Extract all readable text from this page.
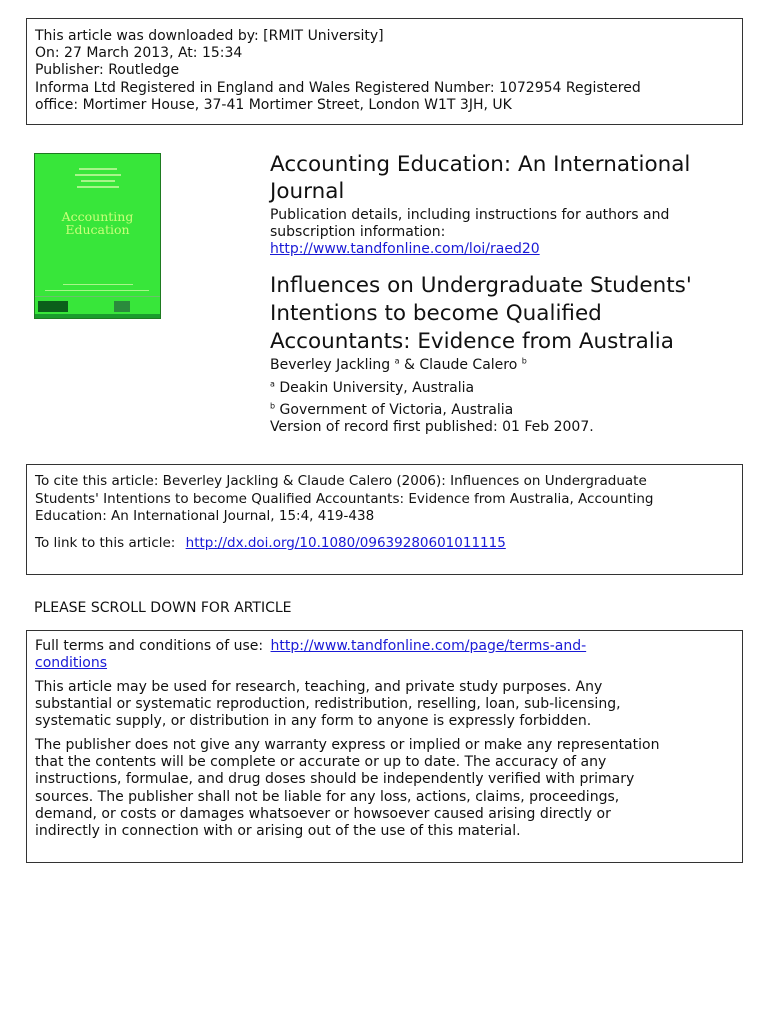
This article was downloaded by: [RMIT University]
On: 27 March 2013, At: 15:34
Publisher: Routledge
Informa Ltd Registered in England and Wales Registered Number: 1072954 Registered
office: Mortimer House, 37-41 Mortimer Street, London W1T 3JH, UK
Accounting
Education
Accounting Education: An International
Journal
Publication details, including instructions for authors and
subscription information:
http://www.tandfonline.com/loi/raed20
Influences on Undergraduate Students'
Intentions to become Qualified
Accountants: Evidence from Australia
Beverley Jackling $^a$ & Claude Calero $^b$
$^a$ Deakin University, Australia
$^b$ Government of Victoria, Australia
Version of record first published: 01 Feb 2007.
To cite this article: Beverley Jackling & Claude Calero (2006): Influences on Undergraduate
Students' Intentions to become Qualified Accountants: Evidence from Australia, Accounting
Education: An International Journal, 15:4, 419-438
To link to this article: http://dx.doi.org/10.1080/09639280601011115
PLEASE SCROLL DOWN FOR ARTICLE
Full terms and conditions of use: http://www.tandfonline.com/page/terms-and-
conditions
This article may be used for research, teaching, and private study purposes. Any
substantial or systematic reproduction, redistribution, reselling, loan, sub-licensing,
systematic supply, or distribution in any form to anyone is expressly forbidden.
The publisher does not give any warranty express or implied or make any representation
that the contents will be complete or accurate or up to date. The accuracy of any
instructions, formulae, and drug doses should be independently verified with primary
sources. The publisher shall not be liable for any loss, actions, claims, proceedings,
demand, or costs or damages whatsoever or howsoever caused arising directly or
indirectly in connection with or arising out of the use of this material.
